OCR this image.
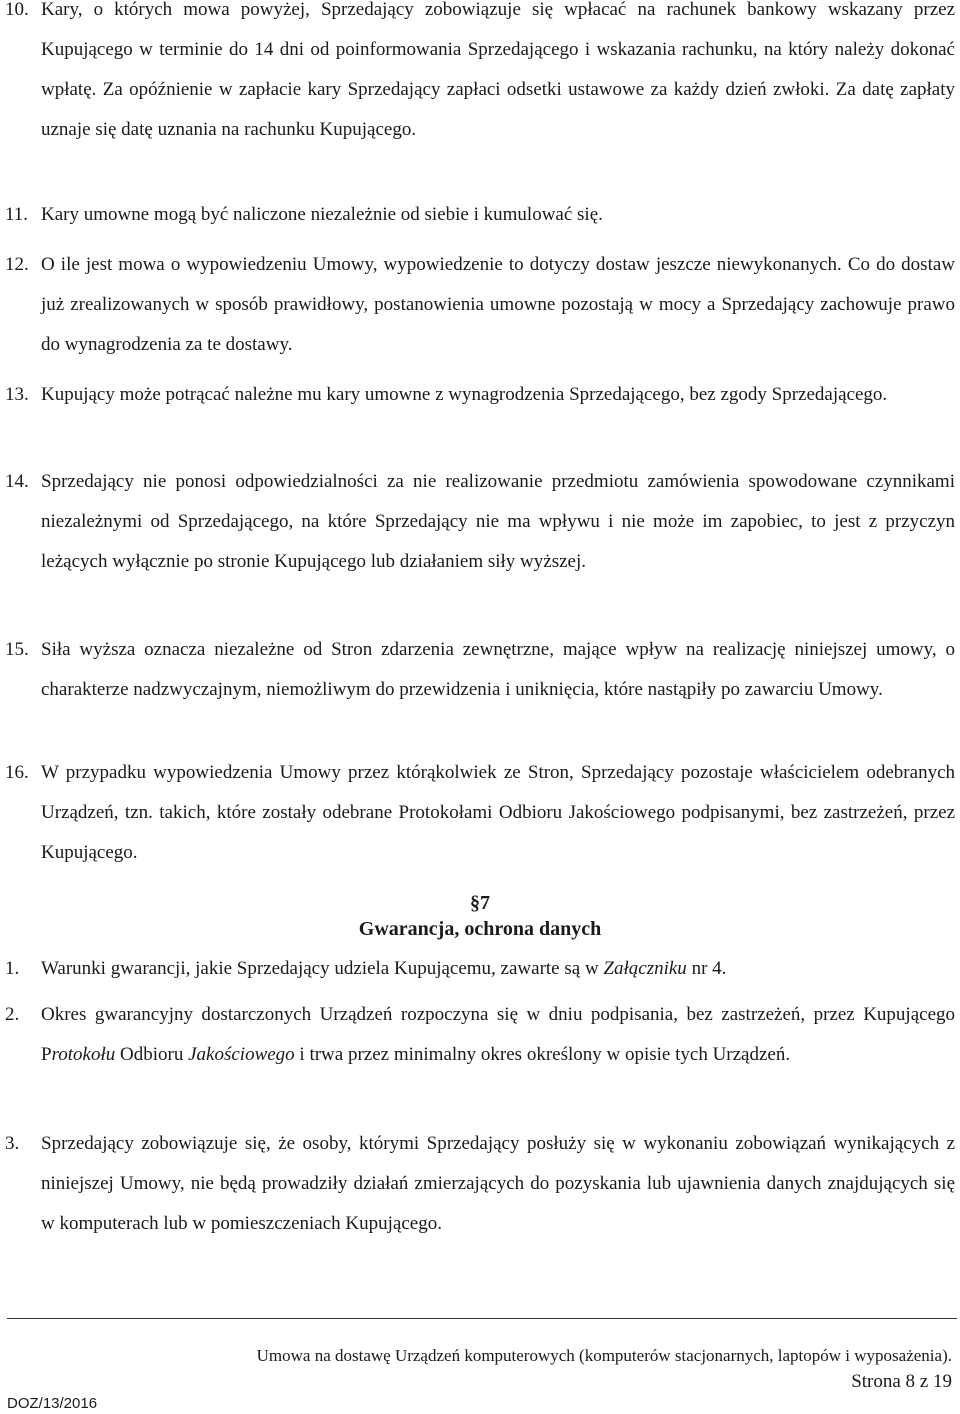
10. Kary, o których mowa powyżej, Sprzedający zobowiązuje się wpłacać na rachunek bankowy wskazany przez Kupującego w terminie do 14 dni od poinformowania Sprzedającego i wskazania rachunku, na który należy dokonać wpłatę. Za opóźnienie w zapłacie kary Sprzedający zapłaci odsetki ustawowe za każdy dzień zwłoki. Za datę zapłaty uznaje się datę uznania na rachunku Kupującego.
11. Kary umowne mogą być naliczone niezależnie od siebie i kumulować się.
12. O ile jest mowa o wypowiedzeniu Umowy, wypowiedzenie to dotyczy dostaw jeszcze niewykonanych. Co do dostaw już zrealizowanych w sposób prawidłowy, postanowienia umowne pozostają w mocy a Sprzedający zachowuje prawo do wynagrodzenia za te dostawy.
13. Kupujący może potrącać należne mu kary umowne z wynagrodzenia Sprzedającego, bez zgody Sprzedającego.
14. Sprzedający nie ponosi odpowiedzialności za nie realizowanie przedmiotu zamówienia spowodowane czynnikami niezależnymi od Sprzedającego, na które Sprzedający nie ma wpływu i nie może im zapobiec, to jest z przyczyn leżących wyłącznie po stronie Kupującego lub działaniem siły wyższej.
15. Siła wyższa oznacza niezależne od Stron zdarzenia zewnętrzne, mające wpływ na realizację niniejszej umowy, o charakterze nadzwyczajnym, niemożliwym do przewidzenia i uniknięcia, które nastąpiły po zawarciu Umowy.
16. W przypadku wypowiedzenia Umowy przez którąkolwiek ze Stron, Sprzedający pozostaje właścicielem odebranych Urządzeń, tzn. takich, które zostały odebrane Protokołami Odbioru Jakościowego podpisanymi, bez zastrzeżeń, przez Kupującego.
§7
Gwarancja, ochrona danych
1. Warunki gwarancji, jakie Sprzedający udziela Kupującemu, zawarte są w Załączniku nr 4.
2. Okres gwarancyjny dostarczonych Urządzeń rozpoczyna się w dniu podpisania, bez zastrzeżeń, przez Kupującego Protokołu Odbioru Jakościowego i trwa przez minimalny okres określony w opisie tych Urządzeń.
3. Sprzedający zobowiązuje się, że osoby, którymi Sprzedający posłuży się w wykonaniu zobowiązań wynikających z niniejszej Umowy, nie będą prowadziły działań zmierzających do pozyskania lub ujawnienia danych znajdujących się w komputerach lub w pomieszczeniach Kupującego.
Umowa na dostawę Urządzeń komputerowych (komputerów stacjonarnych, laptopów i wyposażenia).
Strona 8 z 19
DOZ/13/2016
